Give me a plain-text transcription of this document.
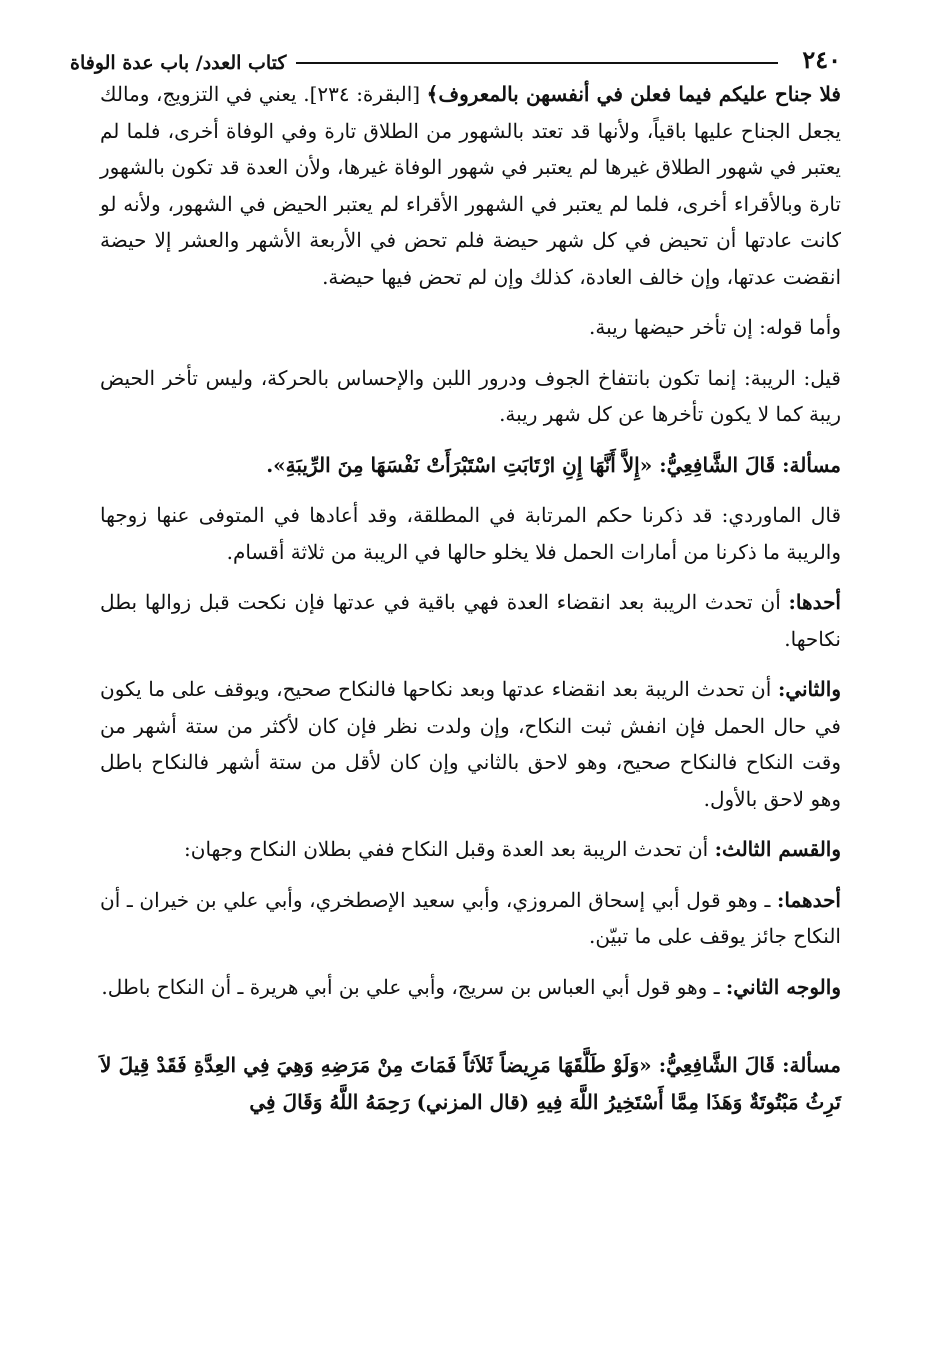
٢٤٠
كتاب العدد/ باب عدة الوفاة

فلا جناح عليكم فيما فعلن في أنفسهن بالمعروف﴾ [البقرة: ٢٣٤]. يعني في التزويج، ومالك يجعل الجناح عليها باقياً، ولأنها قد تعتد بالشهور من الطلاق تارة وفي الوفاة أخرى، فلما لم يعتبر في شهور الطلاق غيرها لم يعتبر في شهور الوفاة غيرها، ولأن العدة قد تكون بالشهور تارة وبالأقراء أخرى، فلما لم يعتبر في الشهور الأقراء لم يعتبر الحيض في الشهور، ولأنه لو كانت عادتها أن تحيض في كل شهر حيضة فلم تحض في الأربعة الأشهر والعشر إلا حيضة انقضت عدتها، وإن خالف العادة، كذلك وإن لم تحض فيها حيضة.

وأما قوله: إن تأخر حيضها ريبة.

قيل: الريبة: إنما تكون بانتفاخ الجوف ودرور اللبن والإحساس بالحركة، وليس تأخر الحيض ريبة كما لا يكون تأخرها عن كل شهر ريبة.

مسألة: قَالَ الشَّافِعِيُّ: «إِلاَّ أَنَّهَا إِنِ ارْتَابَتِ اسْتَبْرَأَتْ نَفْسَهَا مِنَ الرِّيبَةِ».

قال الماوردي: قد ذكرنا حكم المرتابة في المطلقة، وقد أعادها في المتوفى عنها زوجها والريبة ما ذكرنا من أمارات الحمل فلا يخلو حالها في الريبة من ثلاثة أقسام.

أحدها: أن تحدث الريبة بعد انقضاء العدة فهي باقية في عدتها فإن نكحت قبل زوالها بطل نكاحها.

والثاني: أن تحدث الريبة بعد انقضاء عدتها وبعد نكاحها فالنكاح صحيح، ويوقف على ما يكون في حال الحمل فإن انفش ثبت النكاح، وإن ولدت نظر فإن كان لأكثر من ستة أشهر من وقت النكاح فالنكاح صحيح، وهو لاحق بالثاني وإن كان لأقل من ستة أشهر فالنكاح باطل وهو لاحق بالأول.

والقسم الثالث: أن تحدث الريبة بعد العدة وقبل النكاح ففي بطلان النكاح وجهان:

أحدهما: ـ وهو قول أبي إسحاق المروزي، وأبي سعيد الإصطخري، وأبي علي بن خيران ـ أن النكاح جائز يوقف على ما تبيّن.

والوجه الثاني: ـ وهو قول أبي العباس بن سريج، وأبي علي بن أبي هريرة ـ أن النكاح باطل.

مسألة: قَالَ الشَّافِعِيُّ: «وَلَوْ طَلَّقَهَا مَرِيضاً ثَلاَثاً فَمَاتَ مِنْ مَرَضِهِ وَهِيَ فِي العِدَّةِ فَقَدْ قِيلَ لاَ تَرِثُ مَبْتُوتَةٌ وَهَذَا مِمَّا أَسْتَخِيرُ اللَّهَ فِيهِ (قال المزني) رَحِمَهُ اللَّهُ وَقَالَ فِي
